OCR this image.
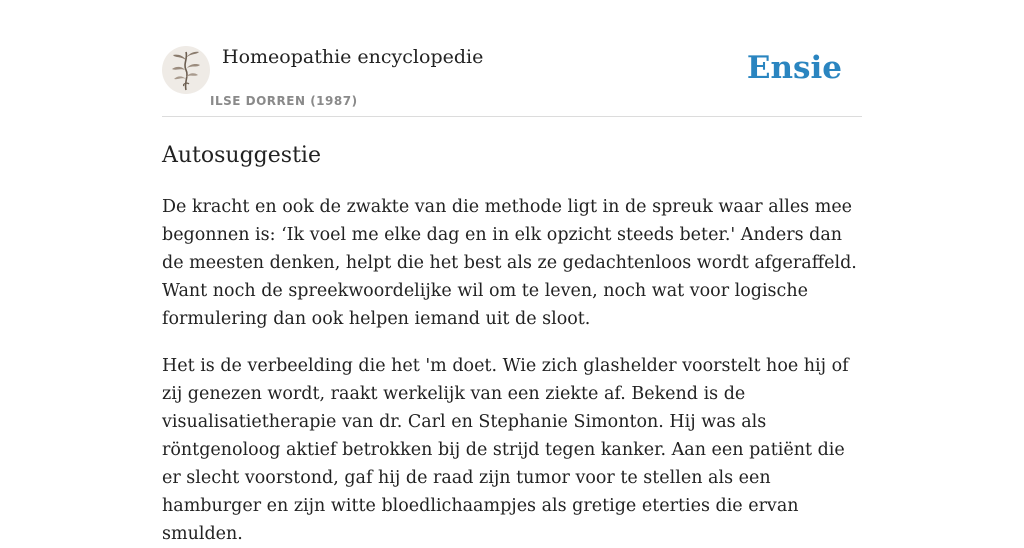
Homeopathie encyclopedie
ILSE DORREN (1987)
Ensie
Autosuggestie

De kracht en ook de zwakte van die methode ligt in de spreuk waar alles mee begonnen is: ‘Ik voel me elke dag en in elk opzicht steeds beter.' Anders dan de meesten denken, helpt die het best als ze gedachtenloos wordt afgeraffeld. Want noch de spreekwoordelijke wil om te leven, noch wat voor logische formulering dan ook helpen iemand uit de sloot.

Het is de verbeelding die het 'm doet. Wie zich glashelder voorstelt hoe hij of zij genezen wordt, raakt werkelijk van een ziekte af. Bekend is de visualisatietherapie van dr. Carl en Stephanie Simonton. Hij was als röntgenoloog aktief betrokken bij de strijd tegen kanker. Aan een patiënt die er slecht voorstond, gaf hij de raad zijn tumor voor te stellen als een hamburger en zijn witte bloedlichaampjes als gretige eterties die ervan smulden.
